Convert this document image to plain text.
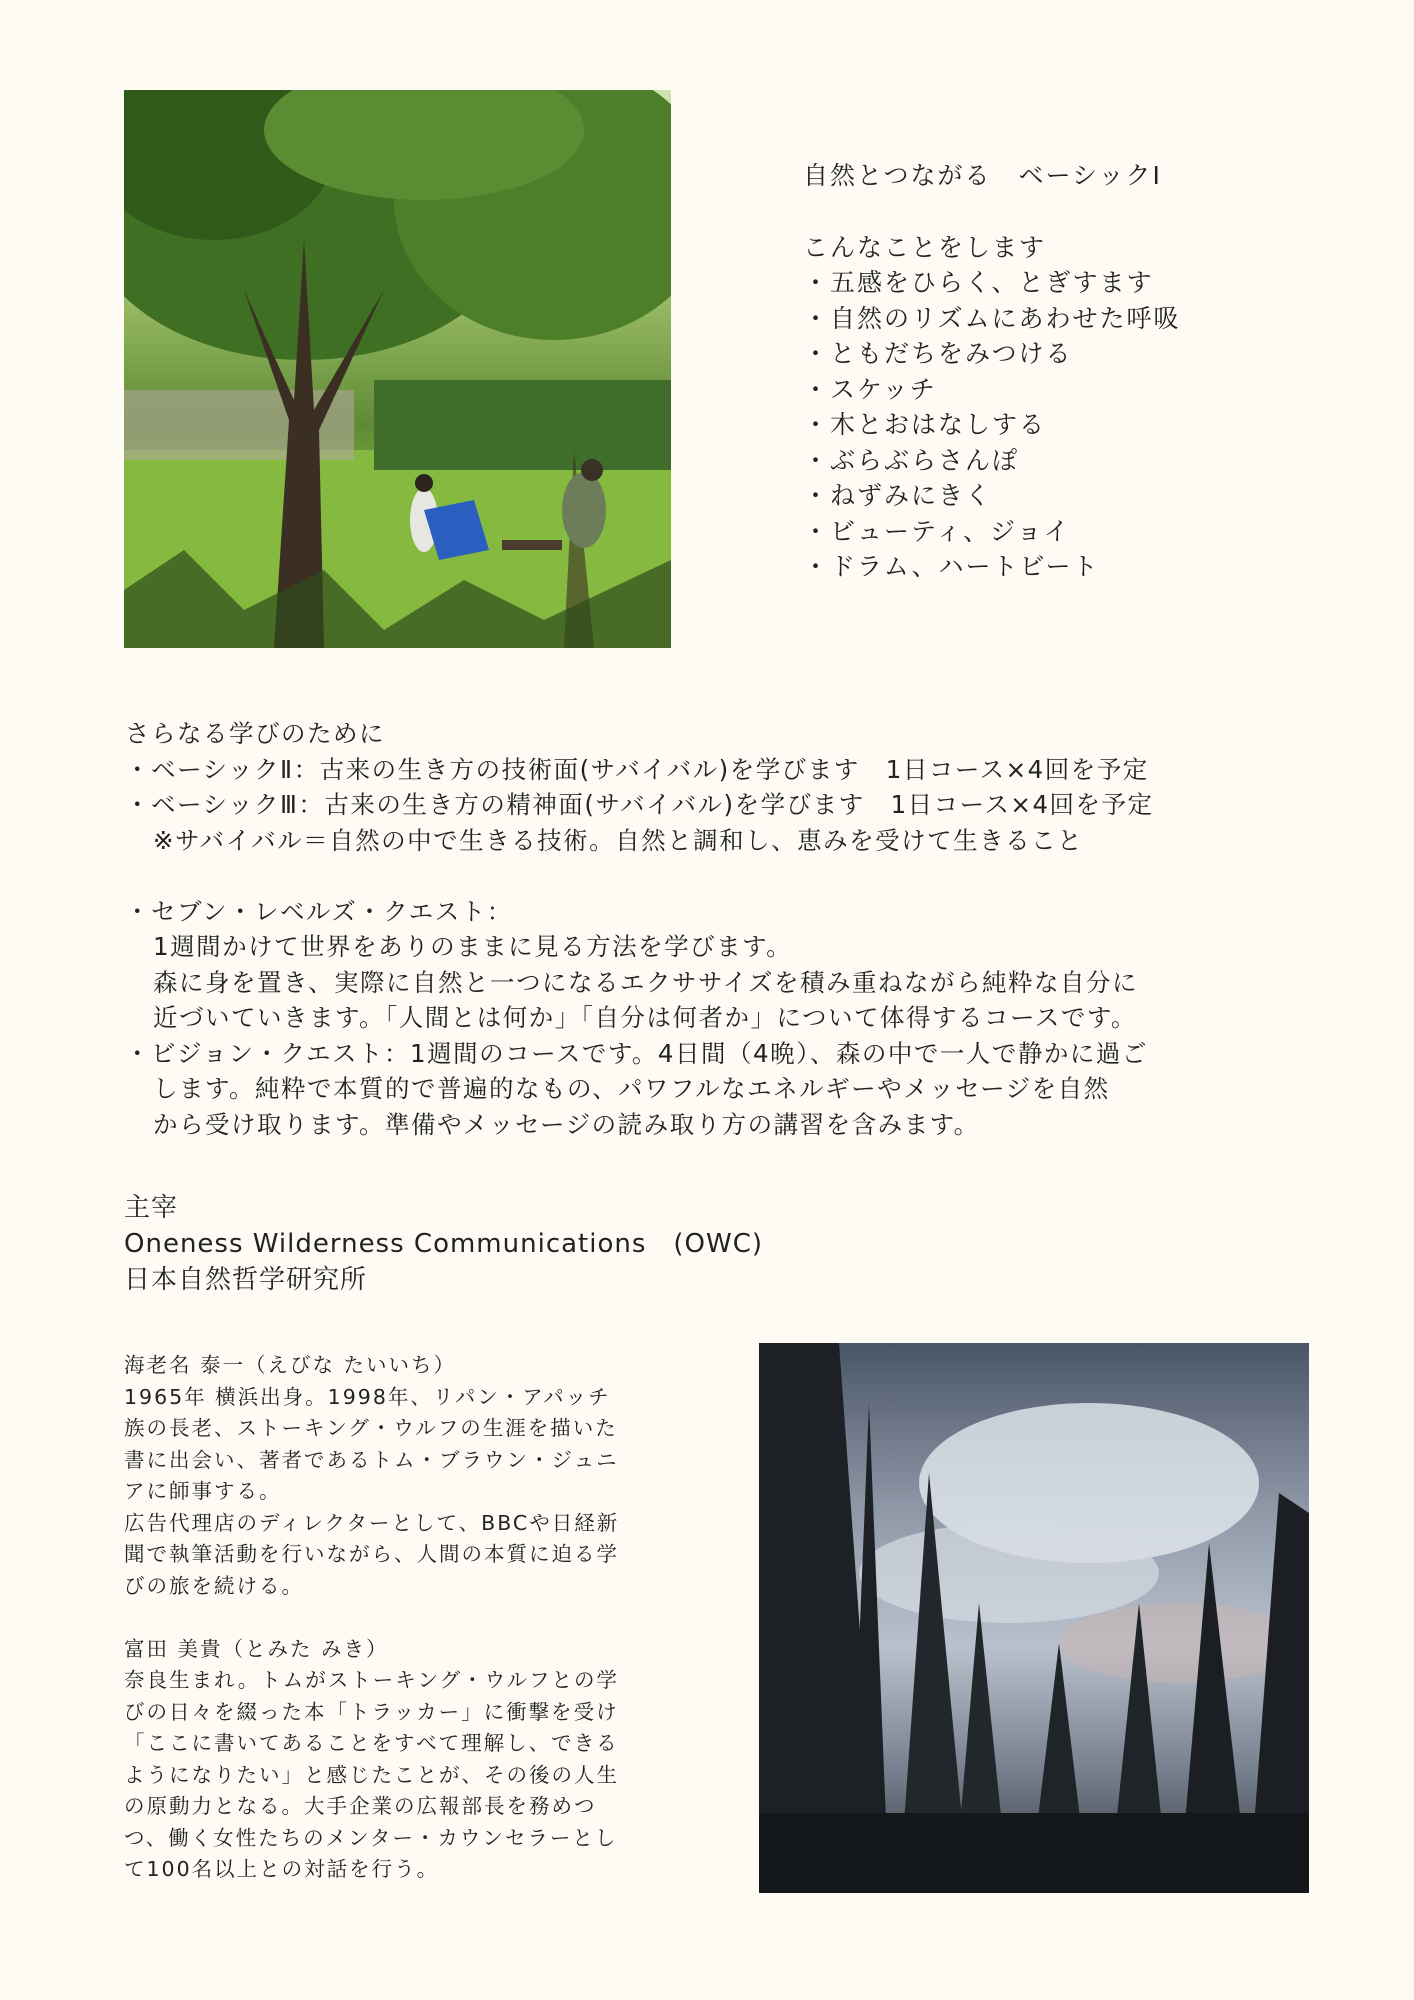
自然とつながる　ベーシックⅠ
こんなことをします
・五感をひらく、とぎすます
・自然のリズムにあわせた呼吸
・ともだちをみつける
・スケッチ
・木とおはなしする
・ぶらぶらさんぽ
・ねずみにきく
・ビューティ、ジョイ
・ドラム、ハートビート
さらなる学びのために
・ベーシックⅡ：古来の生き方の技術面(サバイバル)を学びます　1日コース×4回を予定
・ベーシックⅢ：古来の生き方の精神面(サバイバル)を学びます　1日コース×4回を予定
※サバイバル＝自然の中で生きる技術。自然と調和し、恵みを受けて生きること
・セブン・レベルズ・クエスト：
1週間かけて世界をありのままに見る方法を学びます。
森に身を置き、実際に自然と一つになるエクササイズを積み重ねながら純粋な自分に
近づいていきます。「人間とは何か」「自分は何者か」について体得するコースです。
・ビジョン・クエスト：1週間のコースです。4日間（4晩）、森の中で一人で静かに過ご
します。純粋で本質的で普遍的なもの、パワフルなエネルギーやメッセージを自然
から受け取ります。準備やメッセージの読み取り方の講習を含みます。
主宰
Oneness Wilderness Communications　(OWC)
日本自然哲学研究所

海老名 泰一（えびな たいいち）

1965年 横浜出身。1998年、リパン・アパッチ

族の長老、ストーキング・ウルフの生涯を描いた

書に出会い、著者であるトム・ブラウン・ジュニ

アに師事する。

広告代理店のディレクターとして、BBCや日経新

聞で執筆活動を行いながら、人間の本質に迫る学

びの旅を続ける。

富田 美貴（とみた みき）

奈良生まれ。トムがストーキング・ウルフとの学

びの日々を綴った本「トラッカー」に衝撃を受け

「ここに書いてあることをすべて理解し、できる

ようになりたい」と感じたことが、その後の人生

の原動力となる。大手企業の広報部長を務めつ

つ、働く女性たちのメンター・カウンセラーとし

て100名以上との対話を行う。
